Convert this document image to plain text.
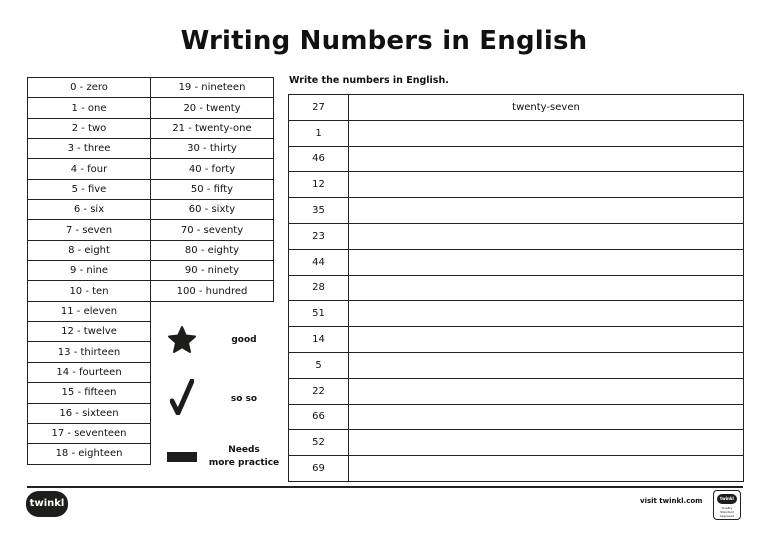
Writing Numbers in English
0 - zero	19 - nineteen
1 - one	20 - twenty
2 - two	21 - twenty-one
3 - three	30 - thirty
4 - four	40 - forty
5 - five	50 - fifty
6 - six	60 - sixty
7 - seven	70 - seventy
8 - eight	80 - eighty
9 - nine	90 - ninety
10 - ten	100 - hundred
11 - eleven	
12 - twelve	
13 - thirteen	
14 - fourteen	
15 - fifteen	
16 - sixteen	
17 - seventeen	
18 - eighteen	
good
so so
Needs
more practice
Write the numbers in English.
27	twenty-seven
1	
46	
12	
35	
23	
44	
28	
51	
14	
5	
22	
66	
52	
69	
twinkl	visit twinkl.com	twinkl
Quality Standard Approved
